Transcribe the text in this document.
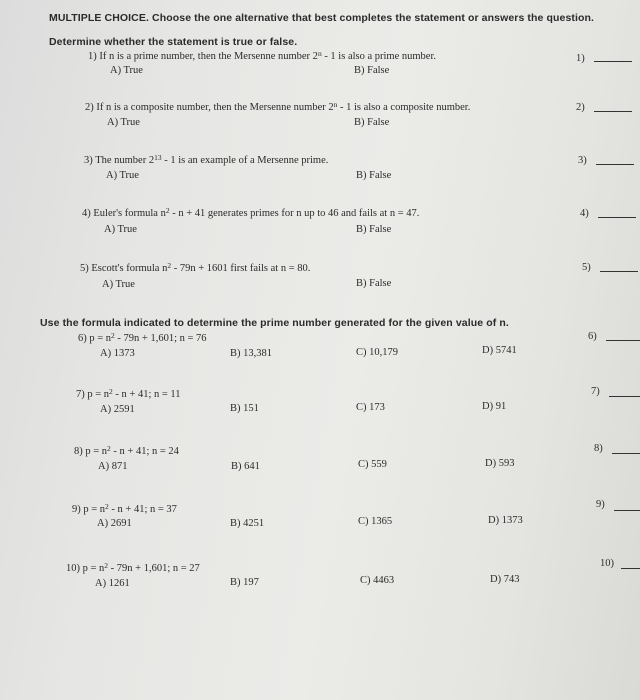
MULTIPLE CHOICE. Choose the one alternative that best completes the statement or answers the question.
Determine whether the statement is true or false.
1) If n is a prime number, then the Mersenne number 2$^n$ - 1 is also a prime number.
A) True	B) False
1)
2) If n is a composite number, then the Mersenne number 2$^n$ - 1 is also a composite number.
A) True	B) False
2)
3) The number $2^{13} - 1$ is an example of a Mersenne prime.
A) True	B) False
3)
4) Euler's formula $n^2 - n + 41$ generates primes for n up to 46 and fails at n = 47.
A) True	B) False
4)
5) Escott's formula $n^2 - 79n + 1601$ first fails at n = 80.
A) True	B) False
5)
Use the formula indicated to determine the prime number generated for the given value of n.
6) $p = n^2 - 79n + 1,601$; n = 76
A) 1373	B) 13,381	C) 10,179	D) 5741
6)
7) $p = n^2 - n + 41$; n = 11
A) 2591	B) 151	C) 173	D) 91
7)
8) $p = n^2 - n + 41$; n = 24
A) 871	B) 641	C) 559	D) 593
8)
9) $p = n^2 - n + 41$; n = 37
A) 2691	B) 4251	C) 1365	D) 1373
9)
10) $p = n^2 - 79n + 1,601$; n = 27
A) 1261	B) 197	C) 4463	D) 743
10)
